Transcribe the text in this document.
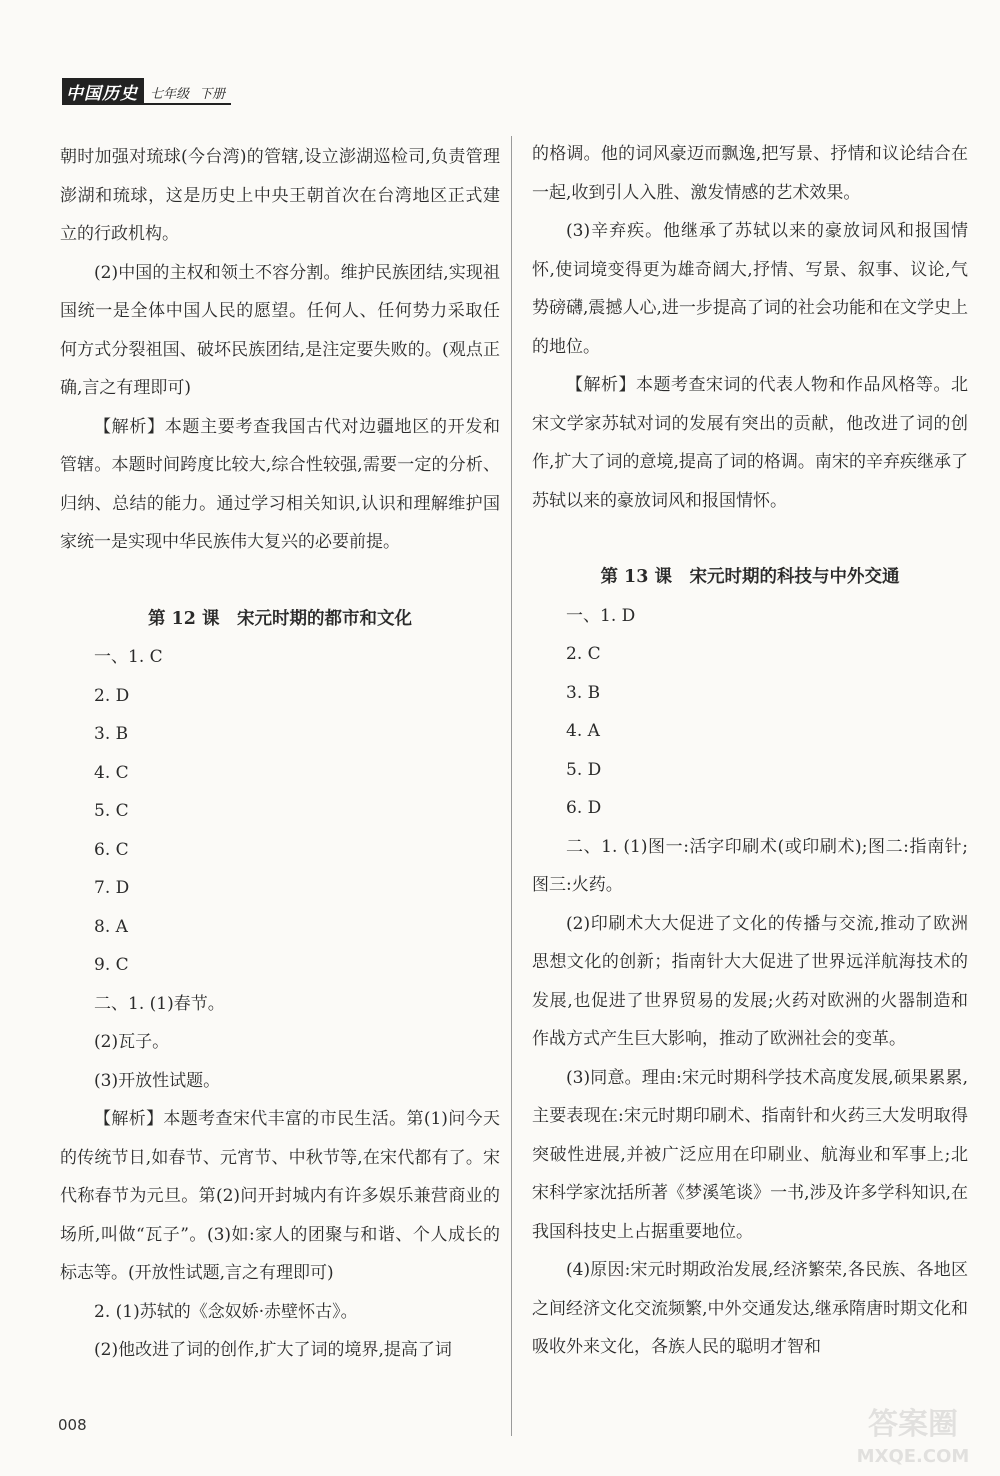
中国历史 七年级 下册
朝时加强对琉球(今台湾)的管辖,设立澎湖巡检司,负责管理澎湖和琉球，这是历史上中央王朝首次在台湾地区正式建立的行政机构。
(2)中国的主权和领土不容分割。维护民族团结,实现祖国统一是全体中国人民的愿望。任何人、任何势力采取任何方式分裂祖国、破坏民族团结,是注定要失败的。(观点正确,言之有理即可)
【解析】本题主要考查我国古代对边疆地区的开发和管辖。本题时间跨度比较大,综合性较强,需要一定的分析、归纳、总结的能力。通过学习相关知识,认识和理解维护国家统一是实现中华民族伟大复兴的必要前提。
第 12 课　宋元时期的都市和文化
一、1. C
2. D
3. B
4. C
5. C
6. C
7. D
8. A
9. C
二、1. (1)春节。
(2)瓦子。
(3)开放性试题。
【解析】本题考查宋代丰富的市民生活。第(1)问今天的传统节日,如春节、元宵节、中秋节等,在宋代都有了。宋代称春节为元旦。第(2)问开封城内有许多娱乐兼营商业的场所,叫做“瓦子”。(3)如:家人的团聚与和谐、个人成长的标志等。(开放性试题,言之有理即可)
2. (1)苏轼的《念奴娇·赤壁怀古》。
(2)他改进了词的创作,扩大了词的境界,提高了词
的格调。他的词风豪迈而飘逸,把写景、抒情和议论结合在一起,收到引人入胜、激发情感的艺术效果。
(3)辛弃疾。他继承了苏轼以来的豪放词风和报国情怀,使词境变得更为雄奇阔大,抒情、写景、叙事、议论,气势磅礴,震撼人心,进一步提高了词的社会功能和在文学史上的地位。
【解析】本题考查宋词的代表人物和作品风格等。北宋文学家苏轼对词的发展有突出的贡献，他改进了词的创作,扩大了词的意境,提高了词的格调。南宋的辛弃疾继承了苏轼以来的豪放词风和报国情怀。
第 13 课　宋元时期的科技与中外交通
一、1. D
2. C
3. B
4. A
5. D
6. D
二、1. (1)图一:活字印刷术(或印刷术);图二:指南针;图三:火药。
(2)印刷术大大促进了文化的传播与交流,推动了欧洲思想文化的创新；指南针大大促进了世界远洋航海技术的发展,也促进了世界贸易的发展;火药对欧洲的火器制造和作战方式产生巨大影响，推动了欧洲社会的变革。
(3)同意。理由:宋元时期科学技术高度发展,硕果累累,主要表现在:宋元时期印刷术、指南针和火药三大发明取得突破性进展,并被广泛应用在印刷业、航海业和军事上;北宋科学家沈括所著《梦溪笔谈》一书,涉及许多学科知识,在我国科技史上占据重要地位。
(4)原因:宋元时期政治发展,经济繁荣,各民族、各地区之间经济文化交流频繁,中外交通发达,继承隋唐时期文化和吸收外来文化，各族人民的聪明才智和
008	答案圈
MXQE.COM
